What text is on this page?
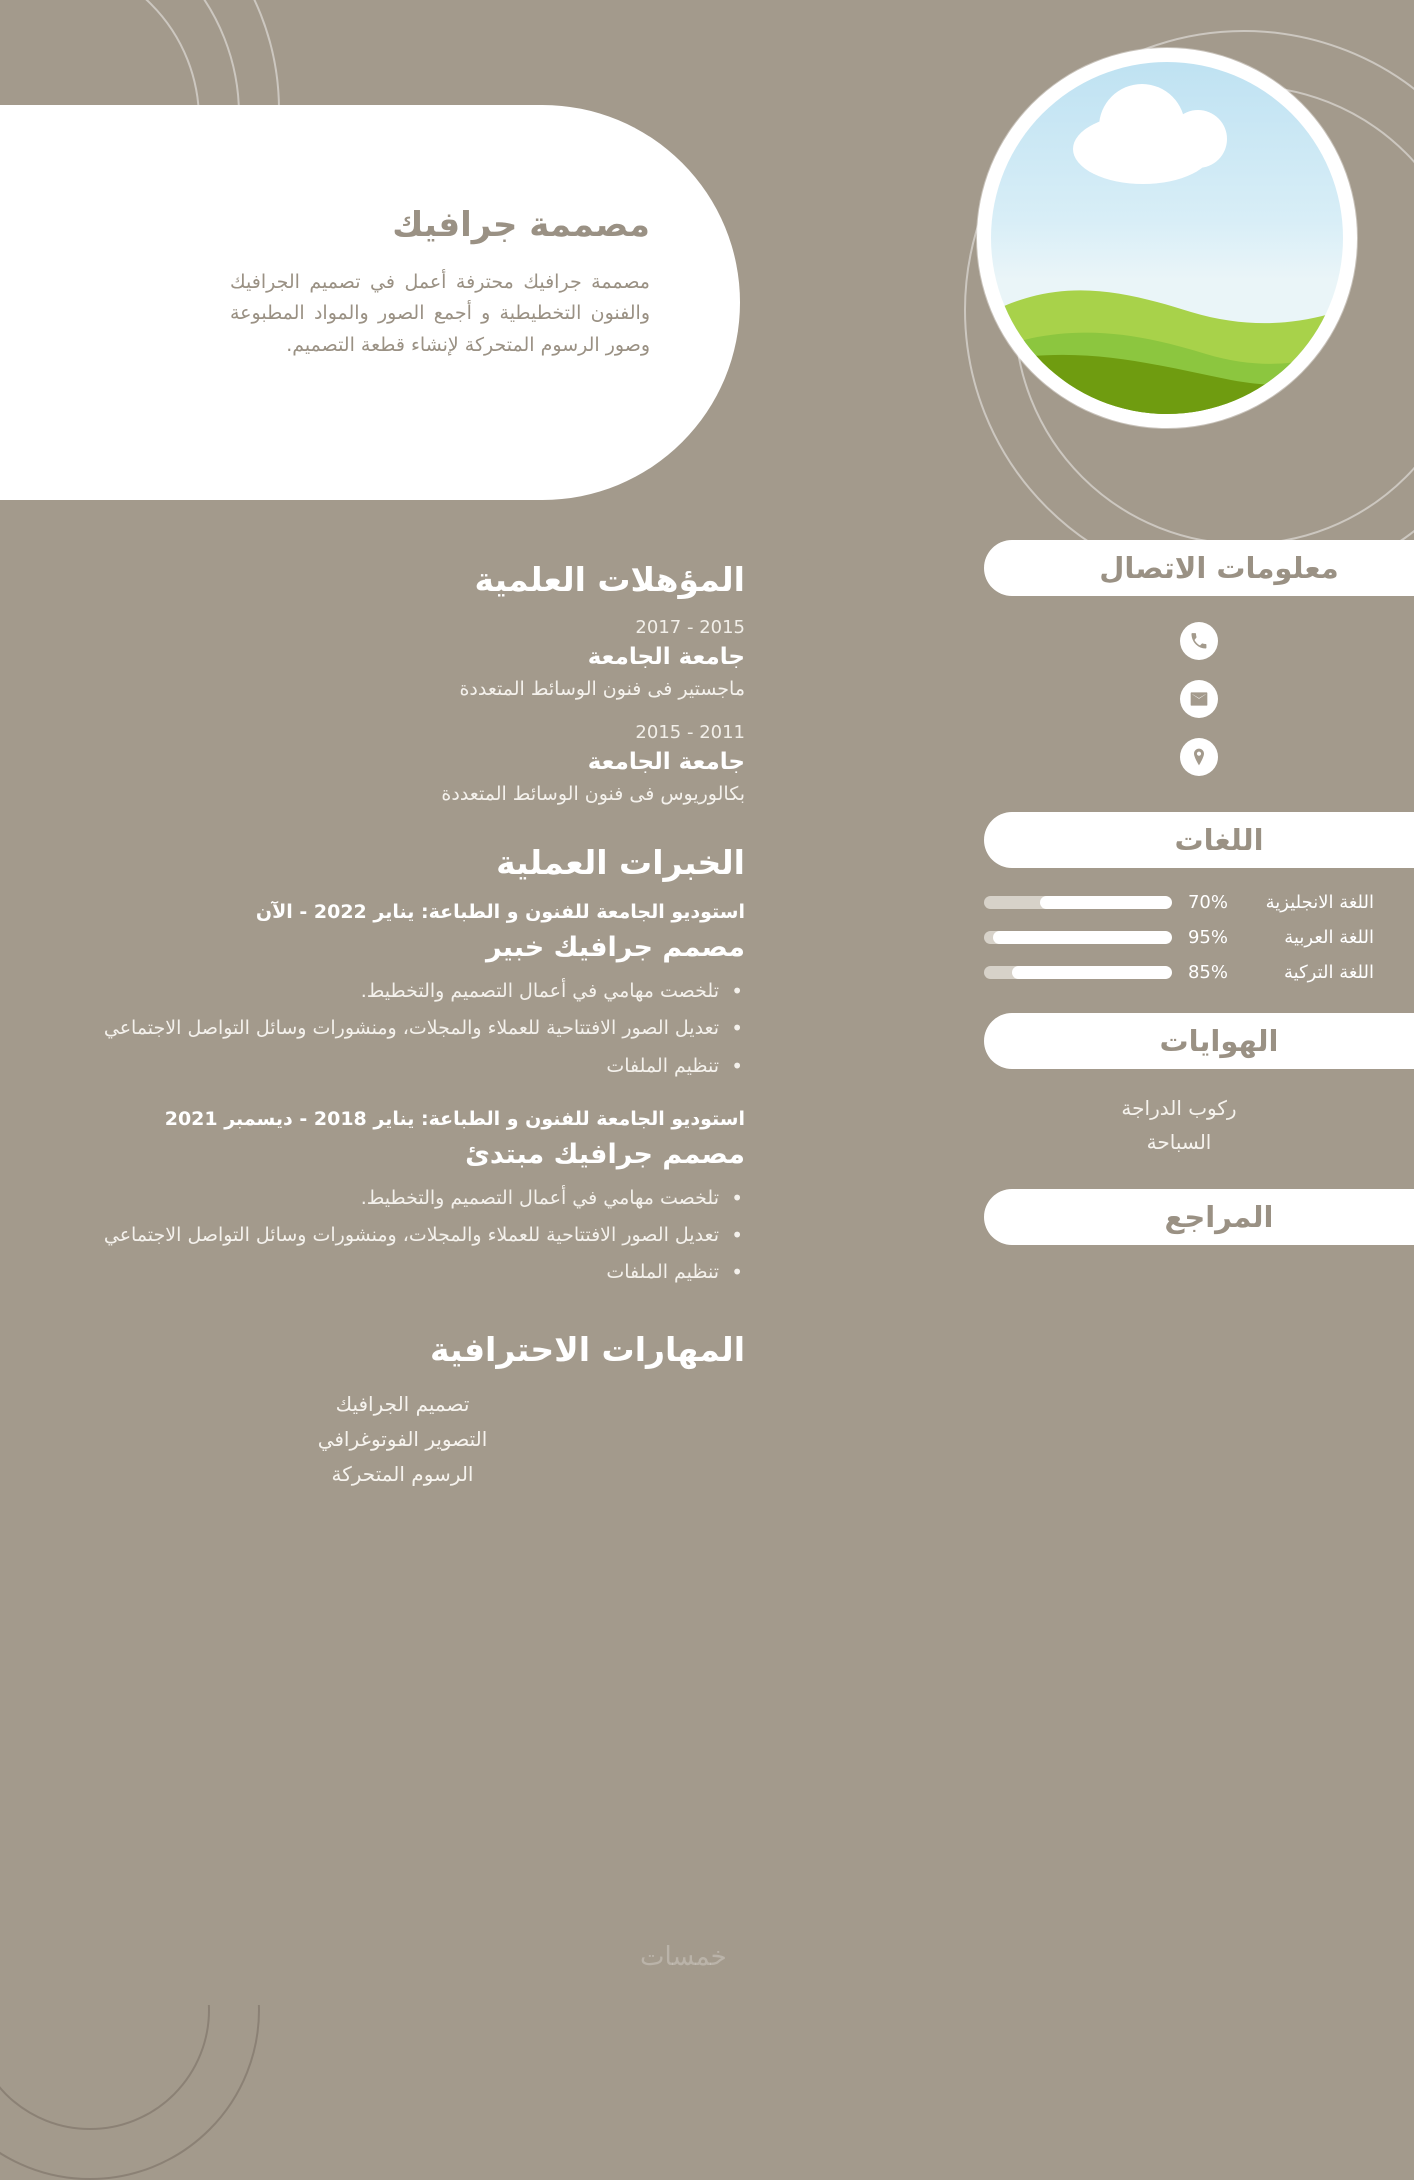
مصممة جرافيك
مصممة جرافيك محترفة أعمل في تصميم الجرافيك والفنون التخطيطية و أجمع الصور والمواد المطبوعة وصور الرسوم المتحركة لإنشاء قطعة التصميم.
المؤهلات العلمية
2015 - 2017
جامعة الجامعة
ماجستير فى فنون الوسائط المتعددة
2011 - 2015
جامعة الجامعة
بكالوريوس فى فنون الوسائط المتعددة
الخبرات العملية
استوديو الجامعة للفنون و الطباعة: يناير 2022 - الآن
مصمم جرافيك خبير
• تلخصت مهامي في أعمال التصميم والتخطيط.
• تعديل الصور الافتتاحية للعملاء والمجلات، ومنشورات وسائل التواصل الاجتماعي
• تنظيم الملفات
استوديو الجامعة للفنون و الطباعة: يناير 2018 - ديسمبر 2021
مصمم جرافيك مبتدئ
• تلخصت مهامي في أعمال التصميم والتخطيط.
• تعديل الصور الافتتاحية للعملاء والمجلات، ومنشورات وسائل التواصل الاجتماعي
• تنظيم الملفات
المهارات الاحترافية
تصميم الجرافيك
التصوير الفوتوغرافي
الرسوم المتحركة
معلومات الاتصال
اللغات
اللغة الانجليزية
70%
اللغة العربية
95%
اللغة التركية
85%
الهوايات
ركوب الدراجة
السباحة
المراجع
خمسات
